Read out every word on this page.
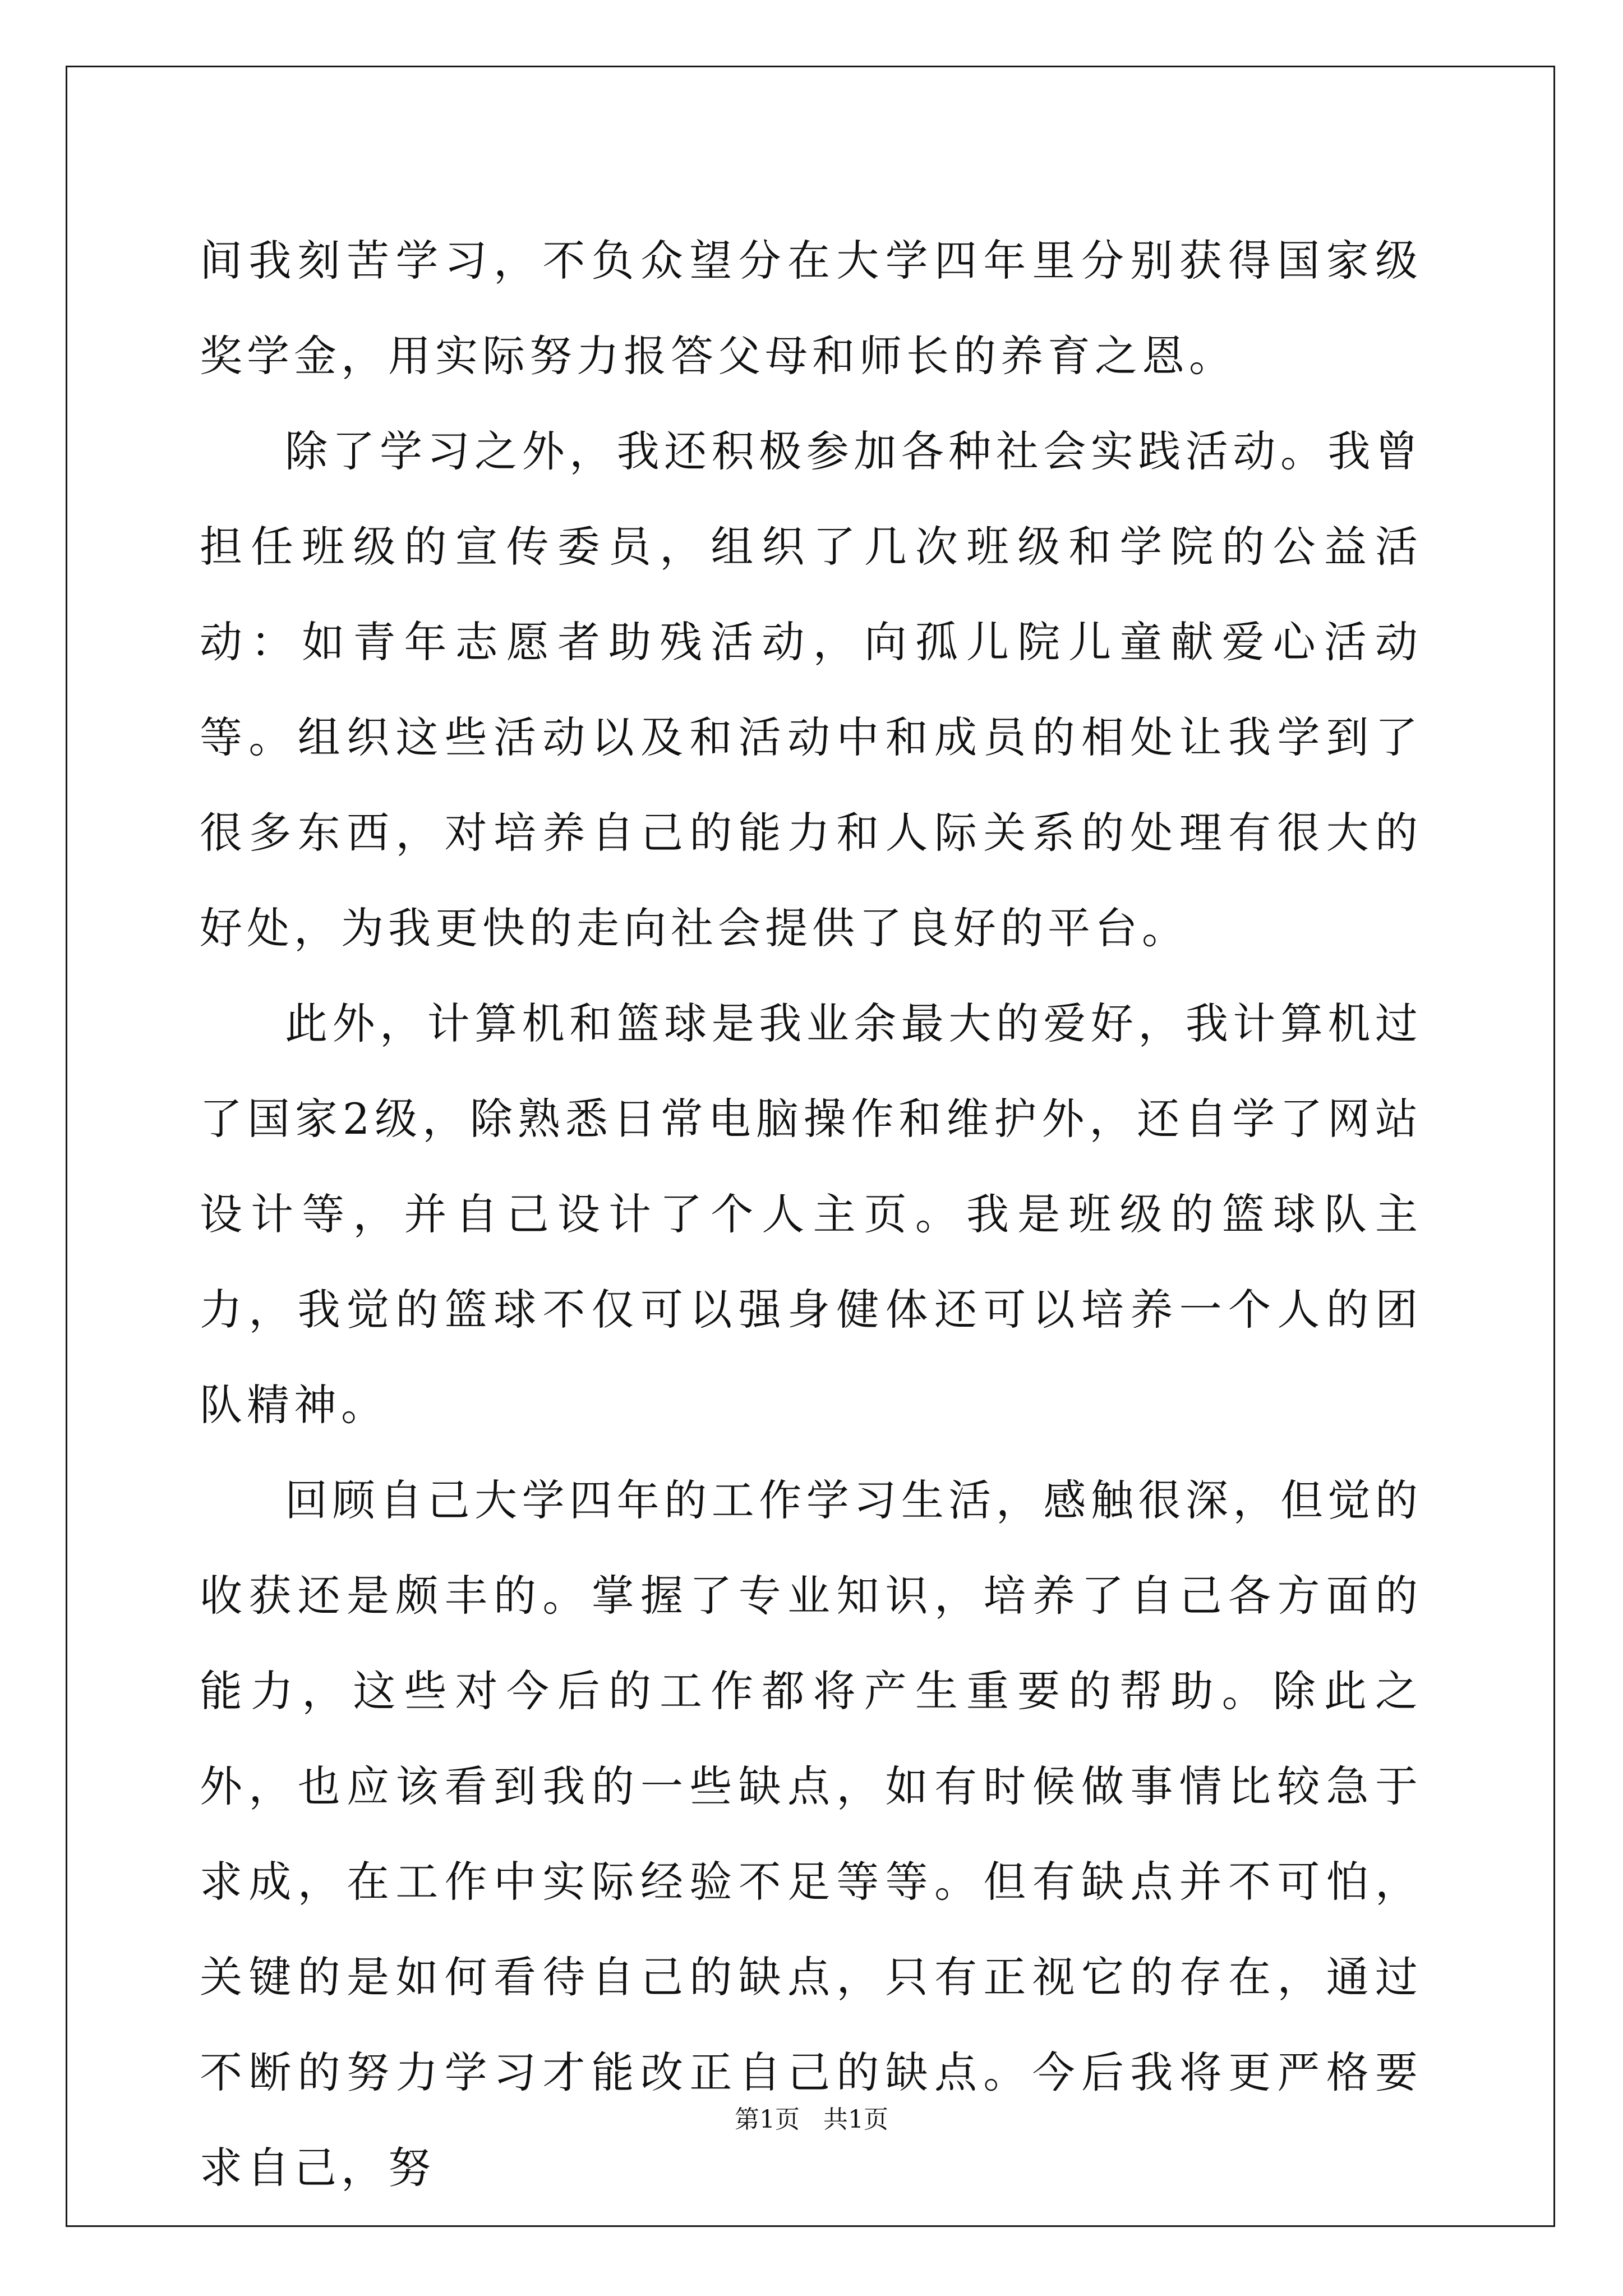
间我刻苦学习，不负众望分在大学四年里分别获得国家级奖学金，用实际努力报答父母和师长的养育之恩。

除了学习之外，我还积极参加各种社会实践活动。我曾担任班级的宣传委员，组织了几次班级和学院的公益活动：如青年志愿者助残活动，向孤儿院儿童献爱心活动等。组织这些活动以及和活动中和成员的相处让我学到了很多东西，对培养自己的能力和人际关系的处理有很大的好处，为我更快的走向社会提供了良好的平台。

此外，计算机和篮球是我业余最大的爱好，我计算机过了国家2级，除熟悉日常电脑操作和维护外，还自学了网站设计等，并自己设计了个人主页。我是班级的篮球队主力，我觉的篮球不仅可以强身健体还可以培养一个人的团队精神。

回顾自己大学四年的工作学习生活，感触很深，但觉的收获还是颇丰的。掌握了专业知识，培养了自己各方面的能力，这些对今后的工作都将产生重要的帮助。除此之外，也应该看到我的一些缺点，如有时候做事情比较急于求成，在工作中实际经验不足等等。但有缺点并不可怕，关键的是如何看待自己的缺点，只有正视它的存在，通过不断的努力学习才能改正自己的缺点。今后我将更严格要求自己，努

第1页 共1页
